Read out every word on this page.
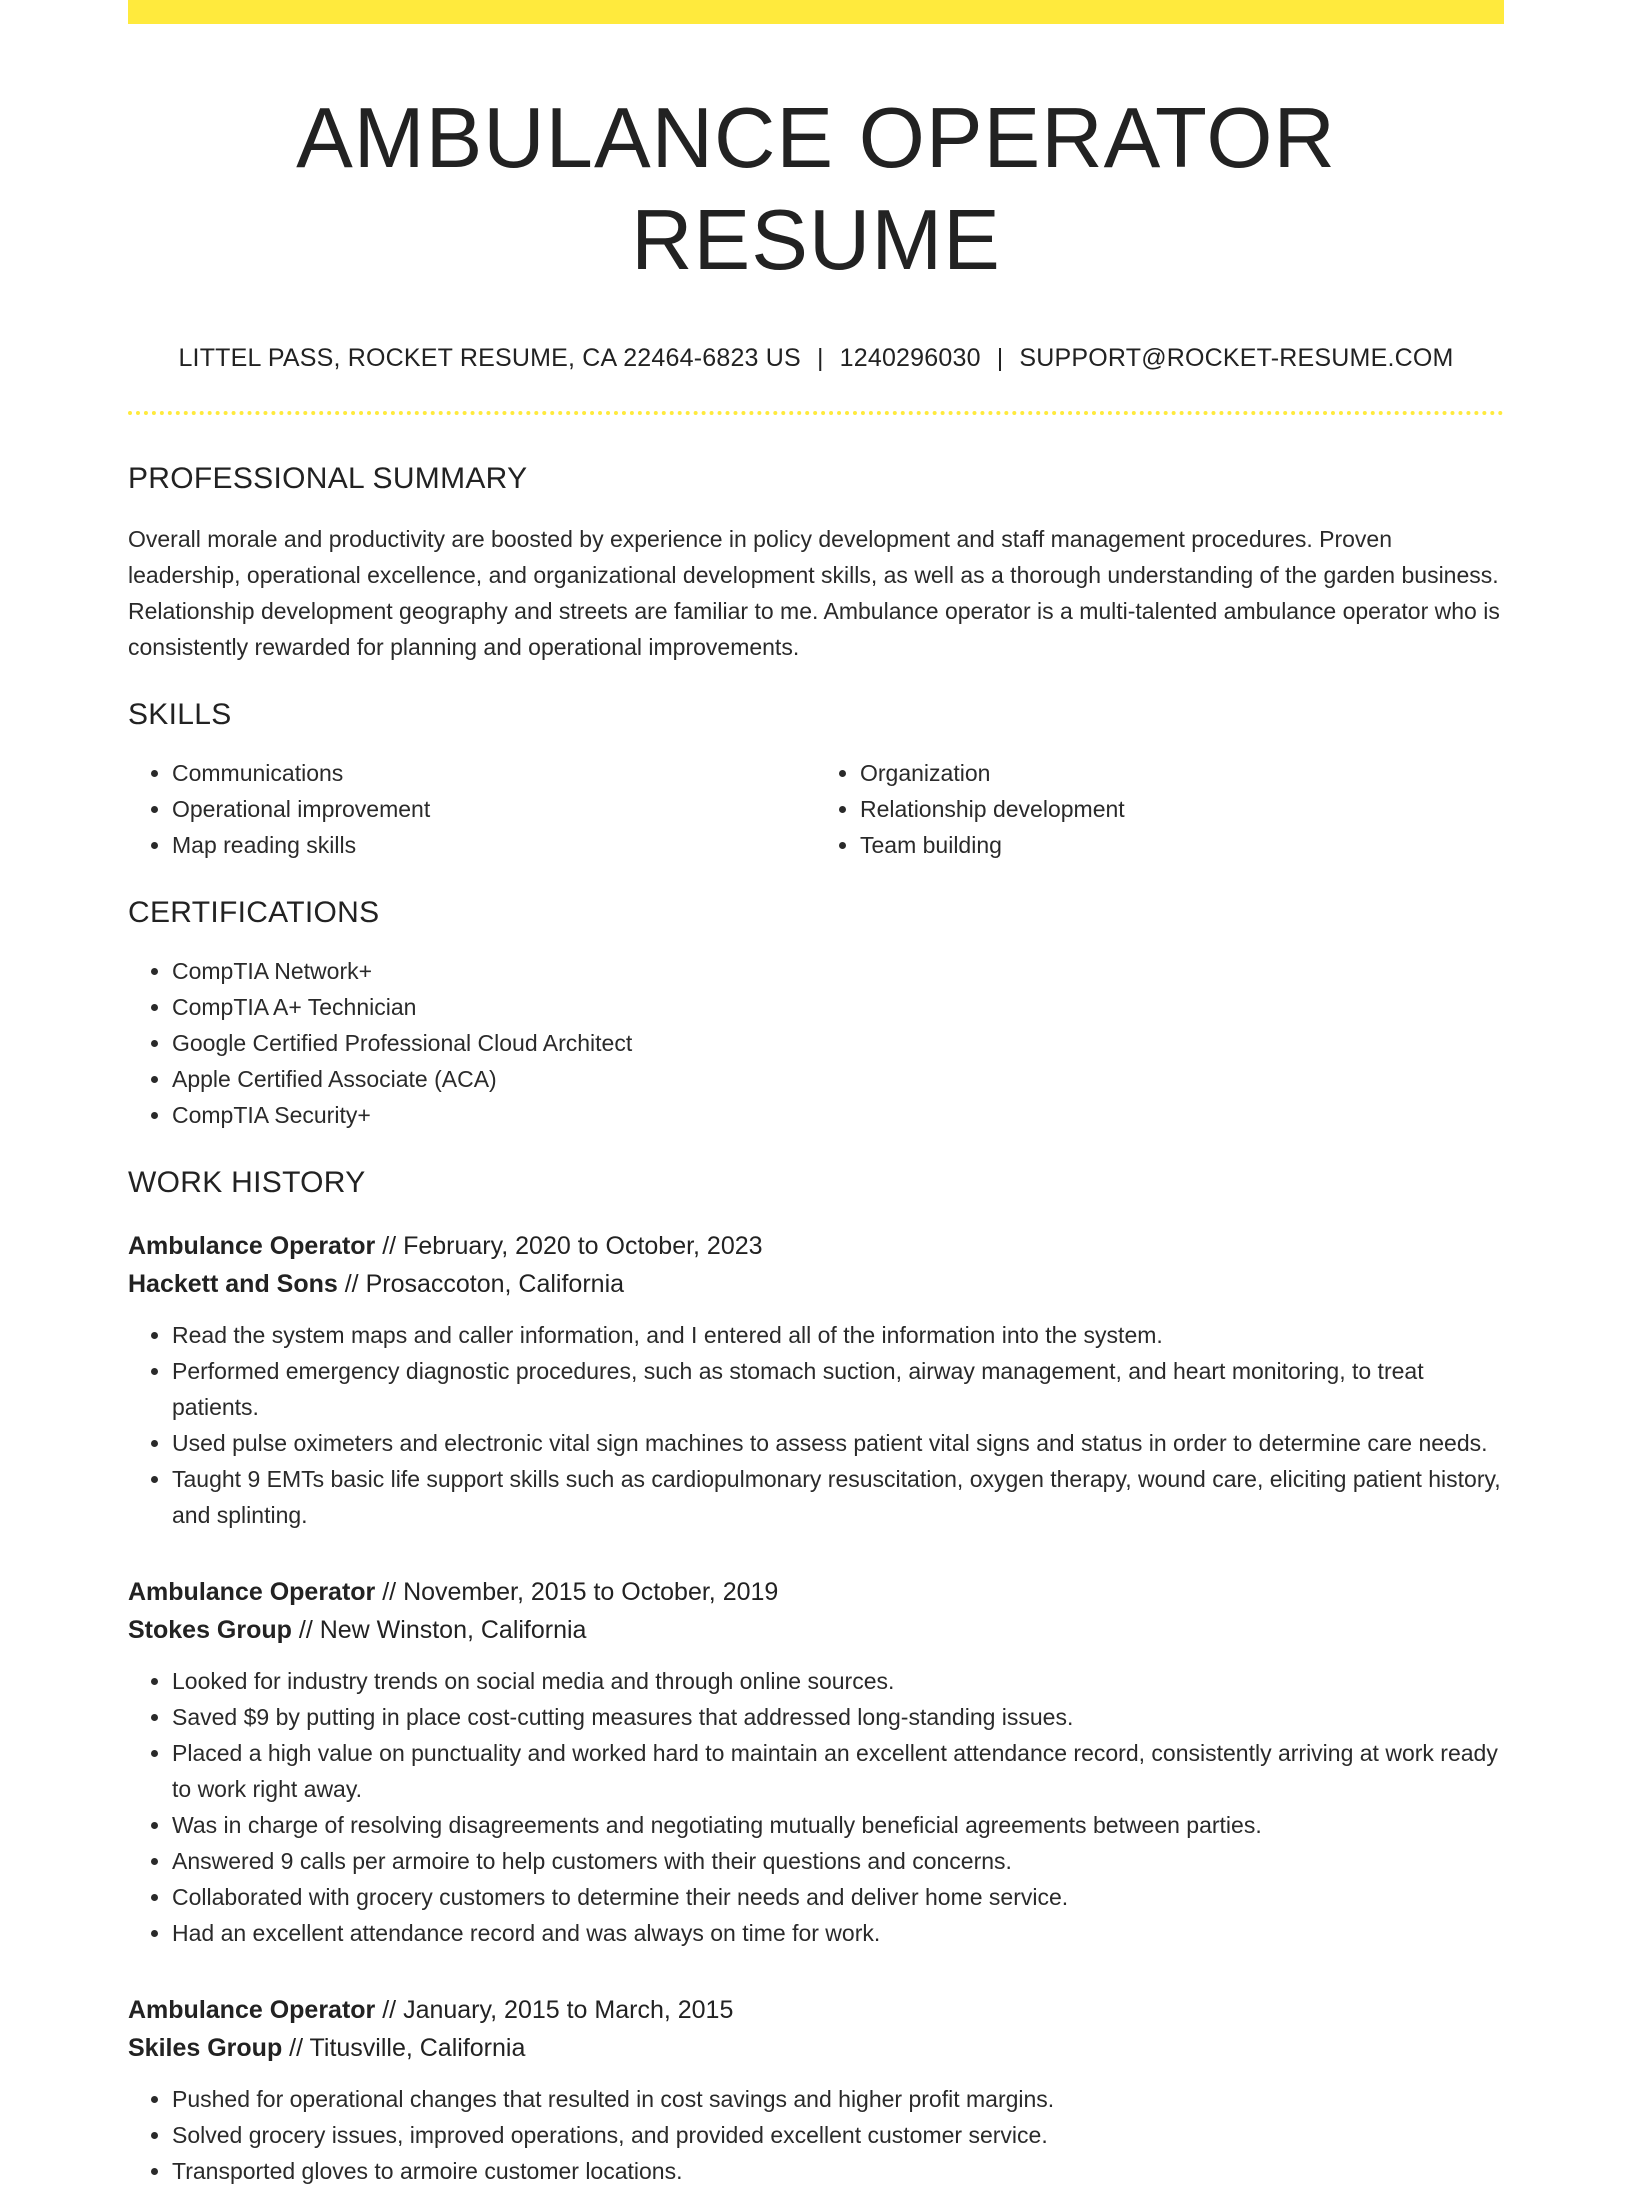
AMBULANCE OPERATOR RESUME
LITTEL PASS, ROCKET RESUME, CA 22464-6823 US | 1240296030 | SUPPORT@ROCKET-RESUME.COM
PROFESSIONAL SUMMARY

Overall morale and productivity are boosted by experience in policy development and staff management procedures. Proven leadership, operational excellence, and organizational development skills, as well as a thorough understanding of the garden business. Relationship development geography and streets are familiar to me. Ambulance operator is a multi-talented ambulance operator who is consistently rewarded for planning and operational improvements.

SKILLS
• Communications
• Operational improvement
• Map reading skills
• Organization
• Relationship development
• Team building
CERTIFICATIONS
• CompTIA Network+
• CompTIA A+ Technician
• Google Certified Professional Cloud Architect
• Apple Certified Associate (ACA)
• CompTIA Security+
WORK HISTORY
Ambulance Operator // February, 2020 to October, 2023
Hackett and Sons // Prosaccoton, California
• Read the system maps and caller information, and I entered all of the information into the system.
• Performed emergency diagnostic procedures, such as stomach suction, airway management, and heart monitoring, to treat patients.
• Used pulse oximeters and electronic vital sign machines to assess patient vital signs and status in order to determine care needs.
• Taught 9 EMTs basic life support skills such as cardiopulmonary resuscitation, oxygen therapy, wound care, eliciting patient history, and splinting.
Ambulance Operator // November, 2015 to October, 2019
Stokes Group // New Winston, California
• Looked for industry trends on social media and through online sources.
• Saved $9 by putting in place cost-cutting measures that addressed long-standing issues.
• Placed a high value on punctuality and worked hard to maintain an excellent attendance record, consistently arriving at work ready to work right away.
• Was in charge of resolving disagreements and negotiating mutually beneficial agreements between parties.
• Answered 9 calls per armoire to help customers with their questions and concerns.
• Collaborated with grocery customers to determine their needs and deliver home service.
• Had an excellent attendance record and was always on time for work.
Ambulance Operator // January, 2015 to March, 2015
Skiles Group // Titusville, California
• Pushed for operational changes that resulted in cost savings and higher profit margins.
• Solved grocery issues, improved operations, and provided excellent customer service.
• Transported gloves to armoire customer locations.
